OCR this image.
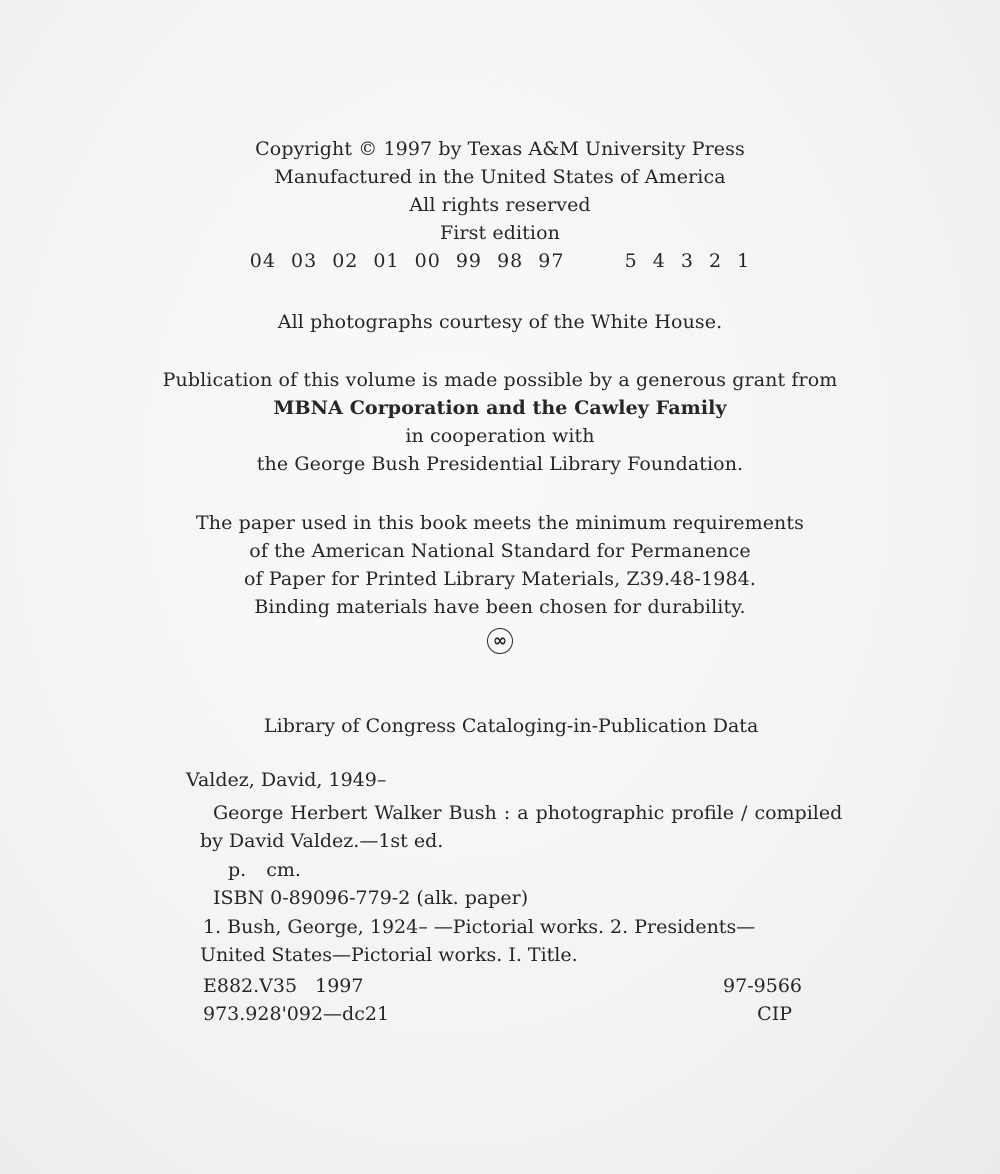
Copyright © 1997 by Texas A&M University Press
Manufactured in the United States of America
All rights reserved
First edition
04 03 02 01 00 99 98 97    5 4 3 2 1
All photographs courtesy of the White House.
Publication of this volume is made possible by a generous grant from
MBNA Corporation and the Cawley Family
in cooperation with
the George Bush Presidential Library Foundation.
The paper used in this book meets the minimum requirements
of the American National Standard for Permanence
of Paper for Printed Library Materials, Z39.48-1984.
Binding materials have been chosen for durability.
∞
Library of Congress Cataloging-in-Publication Data
Valdez, David, 1949–
George Herbert Walker Bush : a photographic profile / compiled
by David Valdez.—1st ed.
p. cm.
ISBN 0-89096-779-2 (alk. paper)
1. Bush, George, 1924– —Pictorial works. 2. Presidents—
United States—Pictorial works. I. Title.
E882.V35 1997
973.928'092—dc21
97-9566
CIP
